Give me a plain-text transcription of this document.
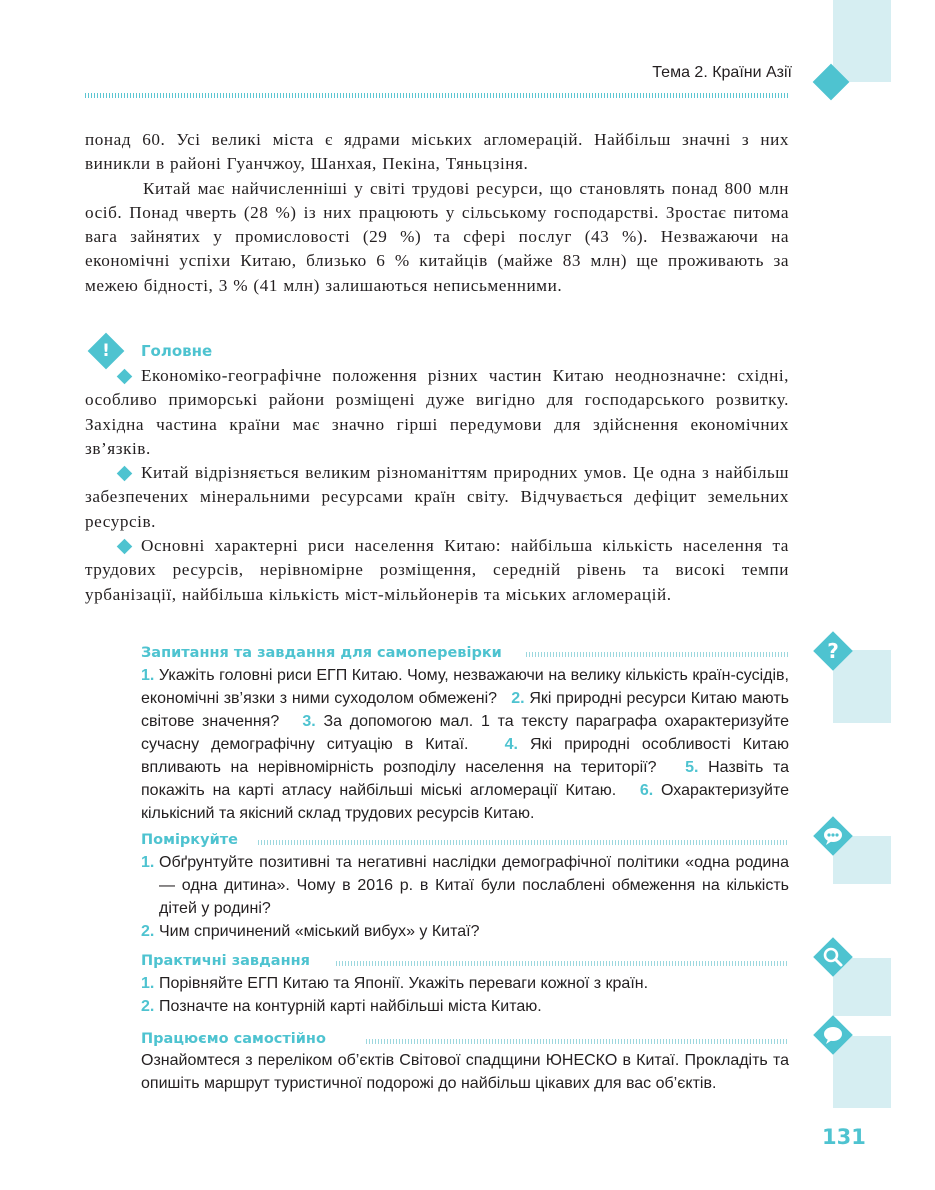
Тема 2. Країни Азії

понад 60. Усі великі міста є ядрами міських агломерацій. Найбільш значні з них виникли в районі Гуанчжоу, Шанхая, Пекіна, Тяньцзіня.

Китай має найчисленніші у світі трудові ресурси, що становлять понад 800 млн осіб. Понад чверть (28 %) із них працюють у сільському господарстві. Зростає питома вага зайнятих у промисловості (29 %) та сфері послуг (43 %). Незважаючи на економічні успіхи Китаю, близько 6 % китайців (майже 83 млн) ще проживають за межею бідності, 3 % (41 млн) залишаються неписьменними.

!	Головне

Економіко-географічне положення різних частин Китаю неоднозначне: східні, особливо приморські райони розміщені дуже вигідно для господарського розвитку. Західна частина країни має значно гірші передумови для здійснення економічних зв’язків.

Китай відрізняється великим різноманіттям природних умов. Це одна з найбільш забезпечених мінеральними ресурсами країн світу. Відчувається дефіцит земельних ресурсів.

Основні характерні риси населення Китаю: найбільша кількість населення та трудових ресурсів, нерівномірне розміщення, середній рівень та високі темпи урбанізації, найбільша кількість міст-мільйонерів та міських агломерацій.

Запитання та завдання для самоперевірки

1. Укажіть головні риси ЕГП Китаю. Чому, незважаючи на велику кількість країн-сусідів, економічні зв’язки з ними суходолом обмежені? 2. Які природні ресурси Китаю мають світове значення? 3. За допомогою мал. 1 та тексту параграфа охарактеризуйте сучасну демографічну ситуацію в Китаї. 4. Які природні особливості Китаю впливають на нерівномірність розподілу населення на території? 5. Назвіть та покажіть на карті атласу найбільші міські агломерації Китаю. 6. Охарактеризуйте кількісний та якісний склад трудових ресурсів Китаю.

?
Поміркуйте

1. Обґрунтуйте позитивні та негативні наслідки демографічної політики «одна родина — одна дитина». Чому в 2016 р. в Китаї були послаблені обмеження на кількість дітей у родині?

2. Чим спричинений «міський вибух» у Китаї?

Практичні завдання

1. Порівняйте ЕГП Китаю та Японії. Укажіть переваги кожної з країн.

2. Позначте на контурній карті найбільші міста Китаю.

Працюємо самостійно

Ознайомтеся з переліком об’єктів Світової спадщини ЮНЕСКО в Китаї. Прокладіть та опишіть маршрут туристичної подорожі до найбільш цікавих для вас об’єктів.

131
